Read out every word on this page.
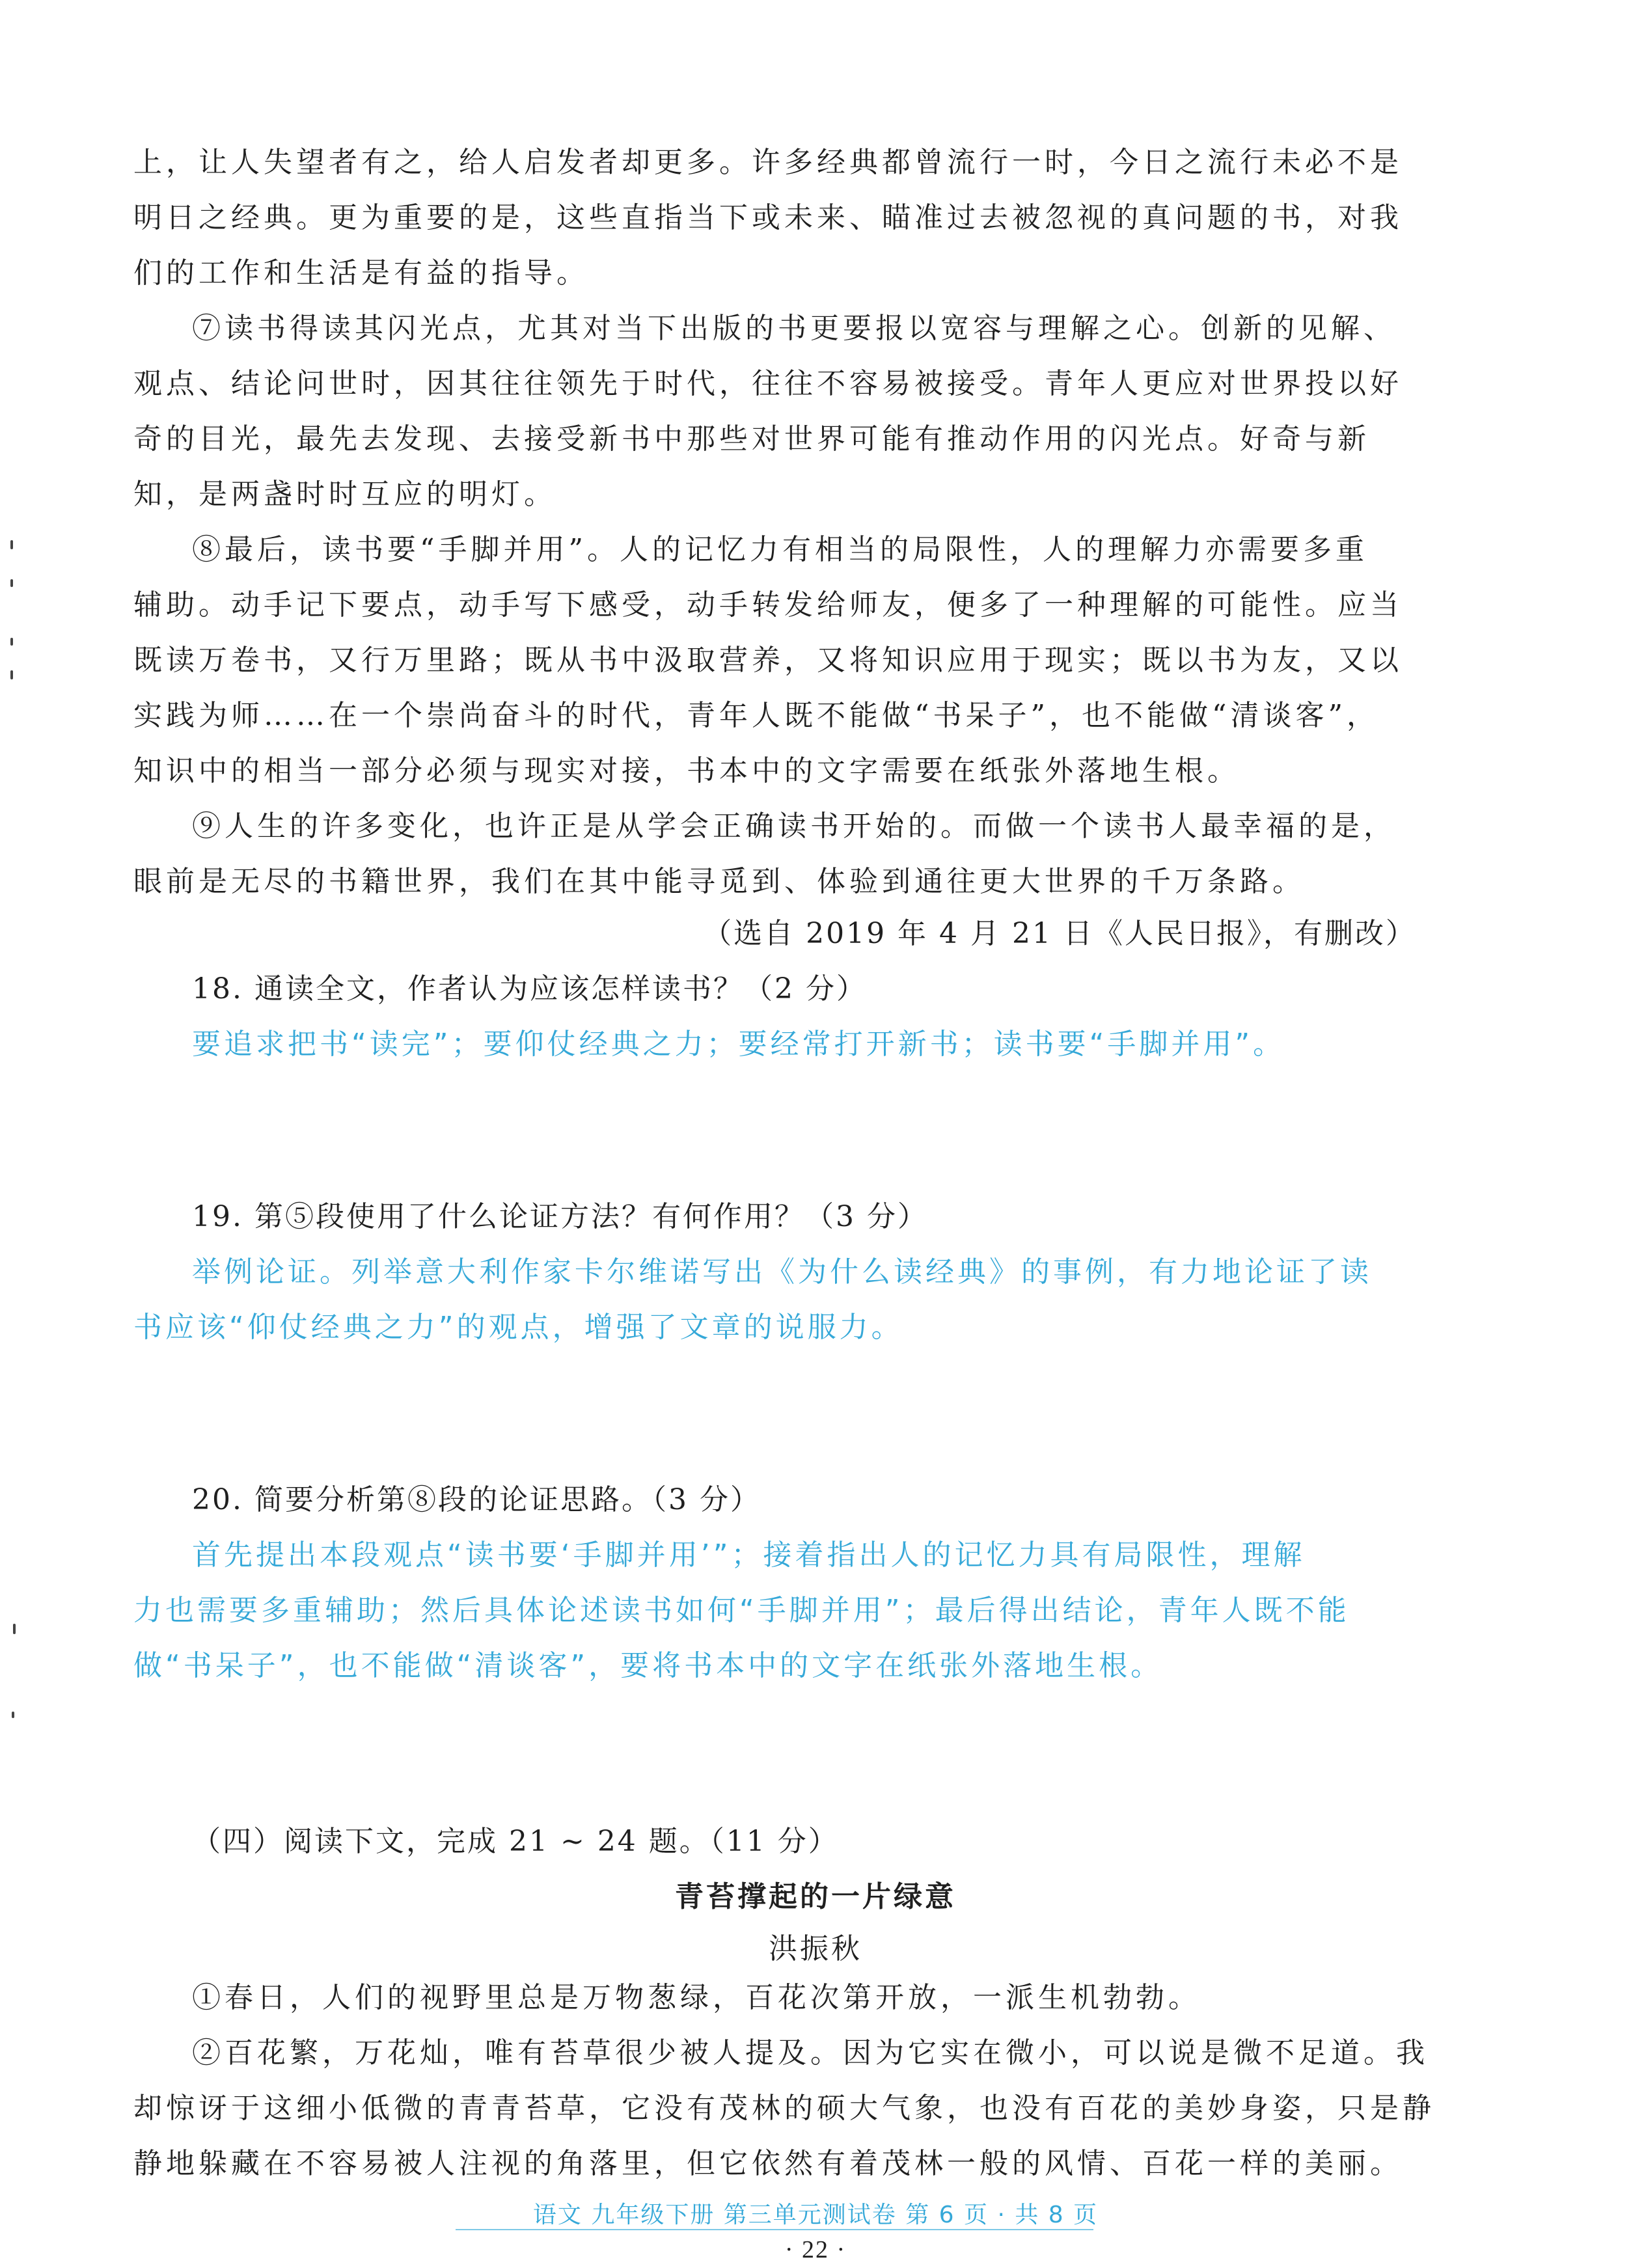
上，让人失望者有之，给人启发者却更多。许多经典都曾流行一时，今日之流行未必不是
明日之经典。更为重要的是，这些直指当下或未来、瞄准过去被忽视的真问题的书，对我
们的工作和生活是有益的指导。
⑦读书得读其闪光点，尤其对当下出版的书更要报以宽容与理解之心。创新的见解、
观点、结论问世时，因其往往领先于时代，往往不容易被接受。青年人更应对世界投以好
奇的目光，最先去发现、去接受新书中那些对世界可能有推动作用的闪光点。好奇与新
知，是两盏时时互应的明灯。
⑧最后，读书要“手脚并用”。人的记忆力有相当的局限性，人的理解力亦需要多重
辅助。动手记下要点，动手写下感受，动手转发给师友，便多了一种理解的可能性。应当
既读万卷书，又行万里路；既从书中汲取营养，又将知识应用于现实；既以书为友，又以
实践为师……在一个崇尚奋斗的时代，青年人既不能做“书呆子”，也不能做“清谈客”，
知识中的相当一部分必须与现实对接，书本中的文字需要在纸张外落地生根。
⑨人生的许多变化，也许正是从学会正确读书开始的。而做一个读书人最幸福的是，
眼前是无尽的书籍世界，我们在其中能寻觅到、体验到通往更大世界的千万条路。
（选自 2019 年 4 月 21 日《人民日报》，有删改）
18. 通读全文，作者认为应该怎样读书？（2 分）
要追求把书“读完”；要仰仗经典之力；要经常打开新书；读书要“手脚并用”。
19. 第⑤段使用了什么论证方法？有何作用？（3 分）
举例论证。列举意大利作家卡尔维诺写出《为什么读经典》的事例，有力地论证了读
书应该“仰仗经典之力”的观点，增强了文章的说服力。
20. 简要分析第⑧段的论证思路。（3 分）
首先提出本段观点“读书要‘手脚并用’”；接着指出人的记忆力具有局限性，理解
力也需要多重辅助；然后具体论述读书如何“手脚并用”；最后得出结论，青年人既不能
做“书呆子”，也不能做“清谈客”，要将书本中的文字在纸张外落地生根。
（四）阅读下文，完成 21 ~ 24 题。（11 分）
青苔撑起的一片绿意
洪振秋
①春日，人们的视野里总是万物葱绿，百花次第开放，一派生机勃勃。
②百花繁，万花灿，唯有苔草很少被人提及。因为它实在微小，可以说是微不足道。我
却惊讶于这细小低微的青青苔草，它没有茂林的硕大气象，也没有百花的美妙身姿，只是静
静地躲藏在不容易被人注视的角落里，但它依然有着茂林一般的风情、百花一样的美丽。
语文 九年级下册 第三单元测试卷 第 6 页 · 共 8 页
· 22 ·
